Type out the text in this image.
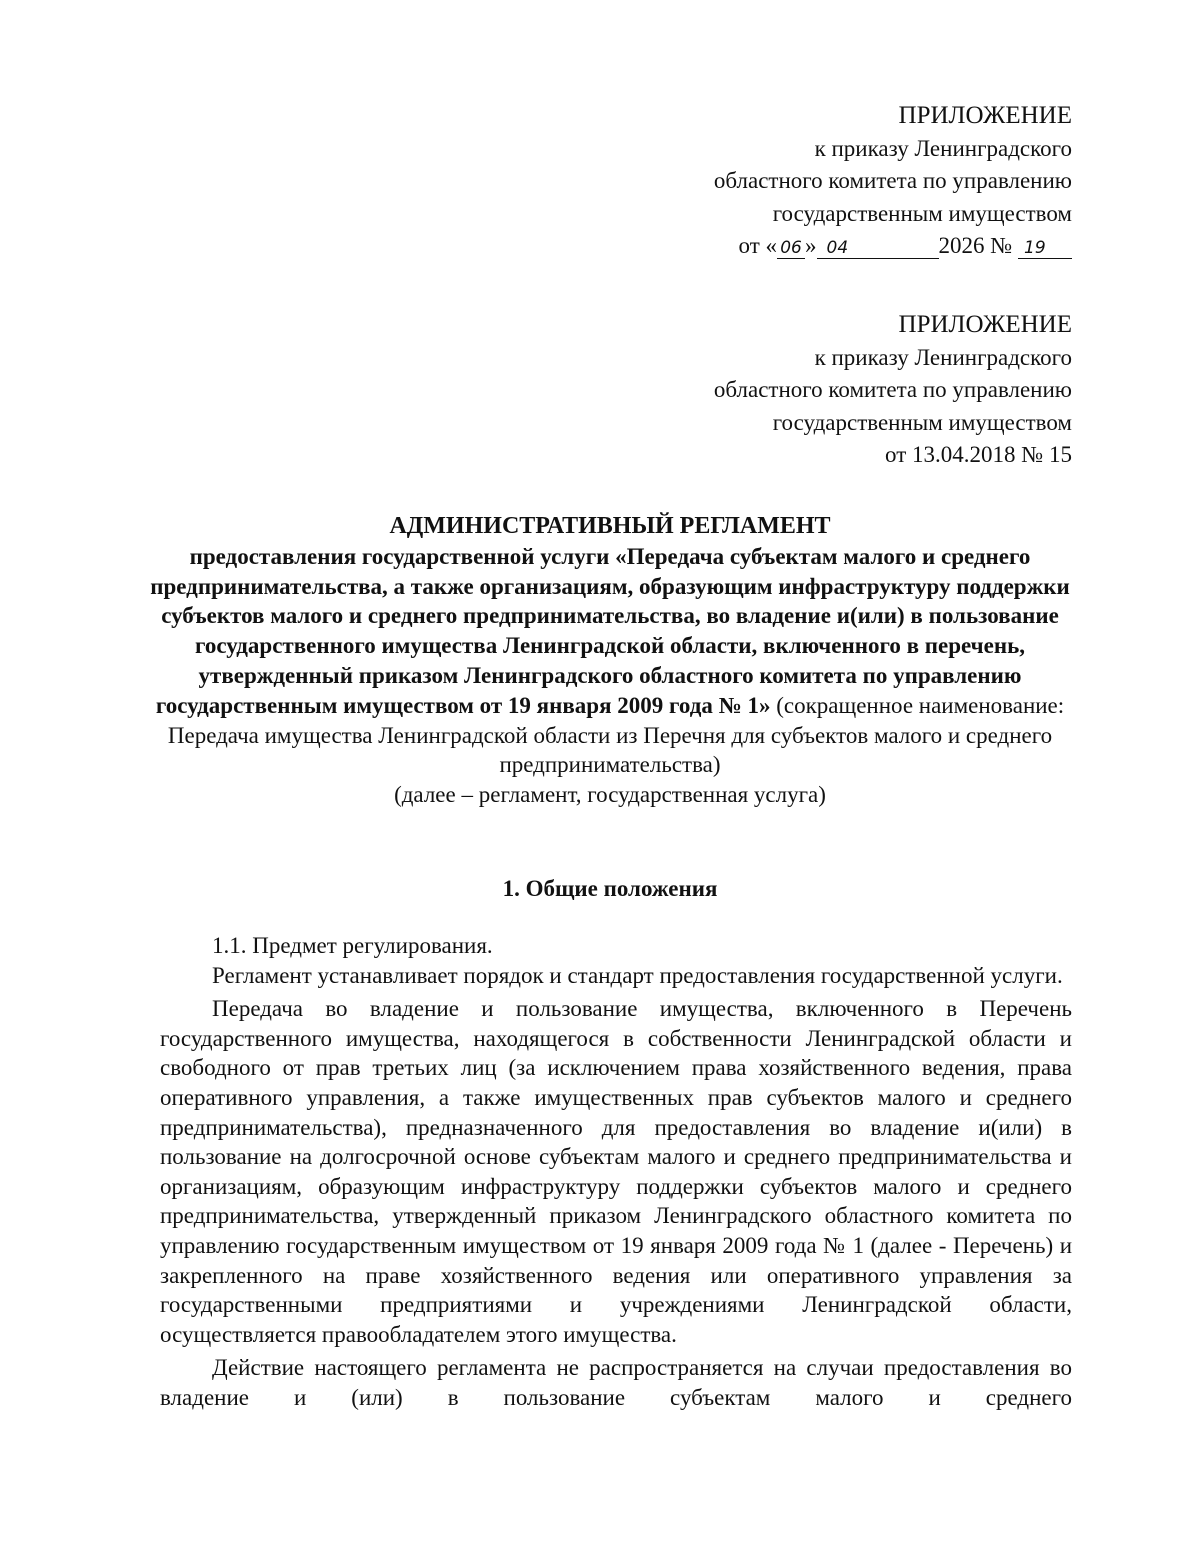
ПРИЛОЖЕНИЕ
к приказу Ленинградского
областного комитета по управлению
государственным имуществом
от « 06 » 04	2026 № 19
ПРИЛОЖЕНИЕ
к приказу Ленинградского
областного комитета по управлению
государственным имуществом
от 13.04.2018 № 15
АДМИНИСТРАТИВНЫЙ РЕГЛАМЕНТ
предоставления государственной услуги «Передача субъектам малого и среднего предпринимательства, а также организациям, образующим инфраструктуру поддержки субъектов малого и среднего предпринимательства, во владение и(или) в пользование государственного имущества Ленинградской области, включенного в перечень, утвержденный приказом Ленинградского областного комитета по управлению государственным имуществом от 19 января 2009 года № 1» (сокращенное наименование: Передача имущества Ленинградской области из Перечня для субъектов малого и среднего предпринимательства)
(далее – регламент, государственная услуга)
1. Общие положения

1.1. Предмет регулирования.

Регламент устанавливает порядок и стандарт предоставления государственной услуги.

Передача во владение и пользование имущества, включенного в Перечень государственного имущества, находящегося в собственности Ленинградской области и свободного от прав третьих лиц (за исключением права хозяйственного ведения, права оперативного управления, а также имущественных прав субъектов малого и среднего предпринимательства), предназначенного для предоставления во владение и(или) в пользование на долгосрочной основе субъектам малого и среднего предпринимательства и организациям, образующим инфраструктуру поддержки субъектов малого и среднего предпринимательства, утвержденный приказом Ленинградского областного комитета по управлению государственным имуществом от 19 января 2009 года № 1 (далее - Перечень) и закрепленного на праве хозяйственного ведения или оперативного управления за государственными предприятиями и учреждениями Ленинградской области, осуществляется правообладателем этого имущества.

Действие настоящего регламента не распространяется на случаи предоставления во владение и (или) в пользование субъектам малого и среднего
